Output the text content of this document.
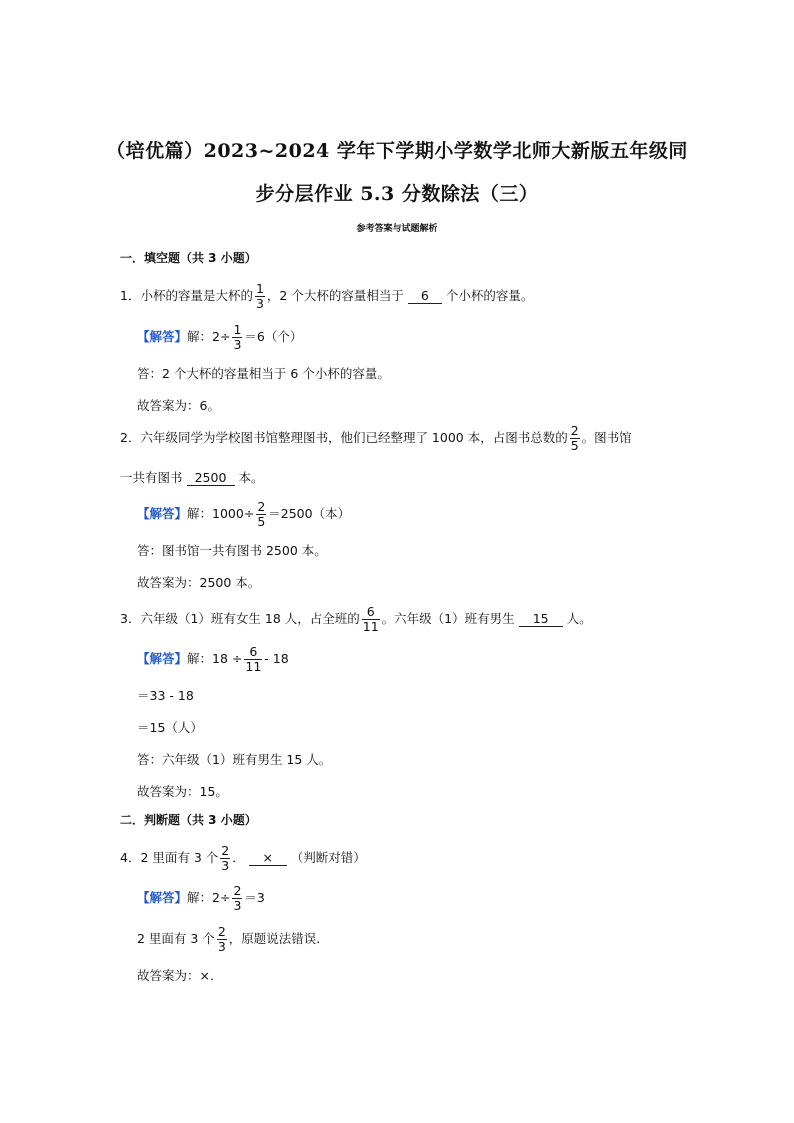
（培优篇）2023~2024 学年下学期小学数学北师大新版五年级同
步分层作业 5.3 分数除法（三）
参考答案与试题解析
一．填空题（共 3 小题）
1．小杯的容量是大杯的 $\frac{1}{3}$ ，2 个大杯的容量相当于 6 个小杯的容量。
【解答】解：$2\div \frac{1}{3} =6$（个）
答：2 个大杯的容量相当于 6 个小杯的容量。
故答案为：6。
2．六年级同学为学校图书馆整理图书，他们已经整理了 1000 本，占图书总数的 $\frac{2}{5}$ 。图书馆
一共有图书 2500 本。
【解答】解：$1000\div \frac{2}{5} =2500$（本）
答：图书馆一共有图书 2500 本。
故答案为：2500 本。
3．六年级（1）班有女生 18 人，占全班的 $\frac{6}{11}$ 。六年级（1）班有男生 15 人。
【解答】解：$18 \div \frac{6}{11} - 18$
＝33 - 18
＝15（人）
答：六年级（1）班有男生 15 人。
故答案为：15。
二．判断题（共 3 小题）
4．2 里面有 3 个 $\frac{2}{3}$ ． × （判断对错）
【解答】解：$2\div \frac{2}{3} =3$
2 里面有 3 个 $\frac{2}{3}$ ，原题说法错误．
故答案为：×．
